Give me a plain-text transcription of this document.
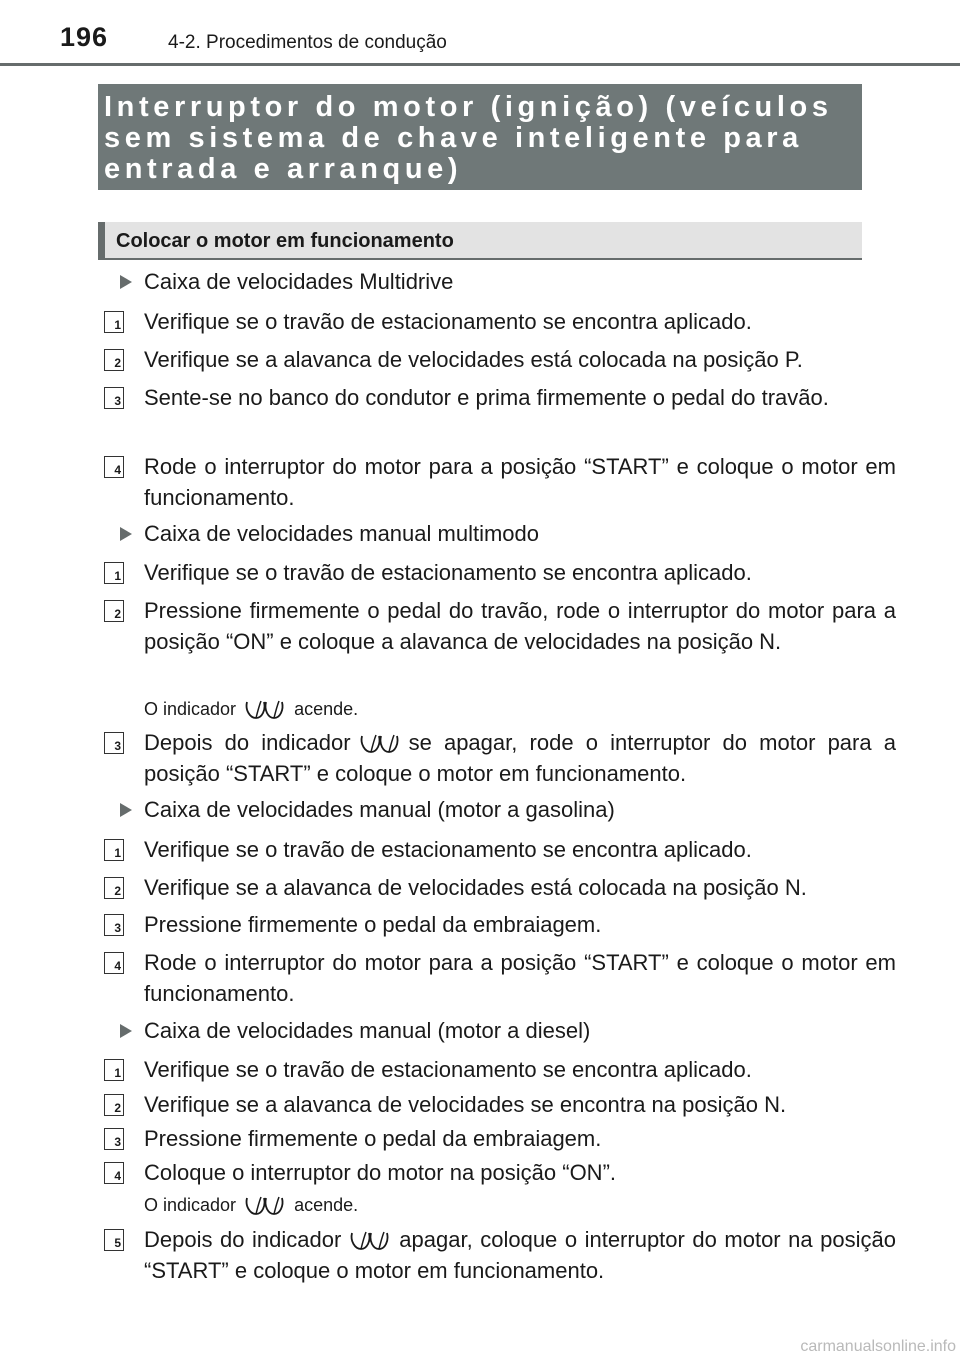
196	4-2. Procedimentos de condução
Interruptor do motor (ignição) (veículos sem sistema de chave inteligente para entrada e arranque)
Colocar o motor em funcionamento
Caixa de velocidades Multidrive
1 Verifique se o travão de estacionamento se encontra aplicado.
2 Verifique se a alavanca de velocidades está colocada na posição P.
3 Sente-se no banco do condutor e prima firmemente o pedal do travão.
4 Rode o interruptor do motor para a posição “START” e coloque o motor em funcionamento.
Caixa de velocidades manual multimodo
1 Verifique se o travão de estacionamento se encontra aplicado.
2 Pressione firmemente o pedal do travão, rode o interruptor do motor para a posição “ON” e coloque a alavanca de velocidades na posição N.
O indicador	acende.
3 Depois do indicador	se apagar, rode o interruptor do motor para a posição “START” e coloque o motor em funcionamento.
Caixa de velocidades manual (motor a gasolina)
1 Verifique se o travão de estacionamento se encontra aplicado.
2 Verifique se a alavanca de velocidades está colocada na posição N.
3 Pressione firmemente o pedal da embraiagem.
4 Rode o interruptor do motor para a posição “START” e coloque o motor em funcionamento.
Caixa de velocidades manual (motor a diesel)
1 Verifique se o travão de estacionamento se encontra aplicado.
2 Verifique se a alavanca de velocidades se encontra na posição N.
3 Pressione firmemente o pedal da embraiagem.
4 Coloque o interruptor do motor na posição “ON”.
O indicador	acende.
5 Depois do indicador	apagar, coloque o interruptor do motor na posição “START” e coloque o motor em funcionamento.
carmanualsonline.info
